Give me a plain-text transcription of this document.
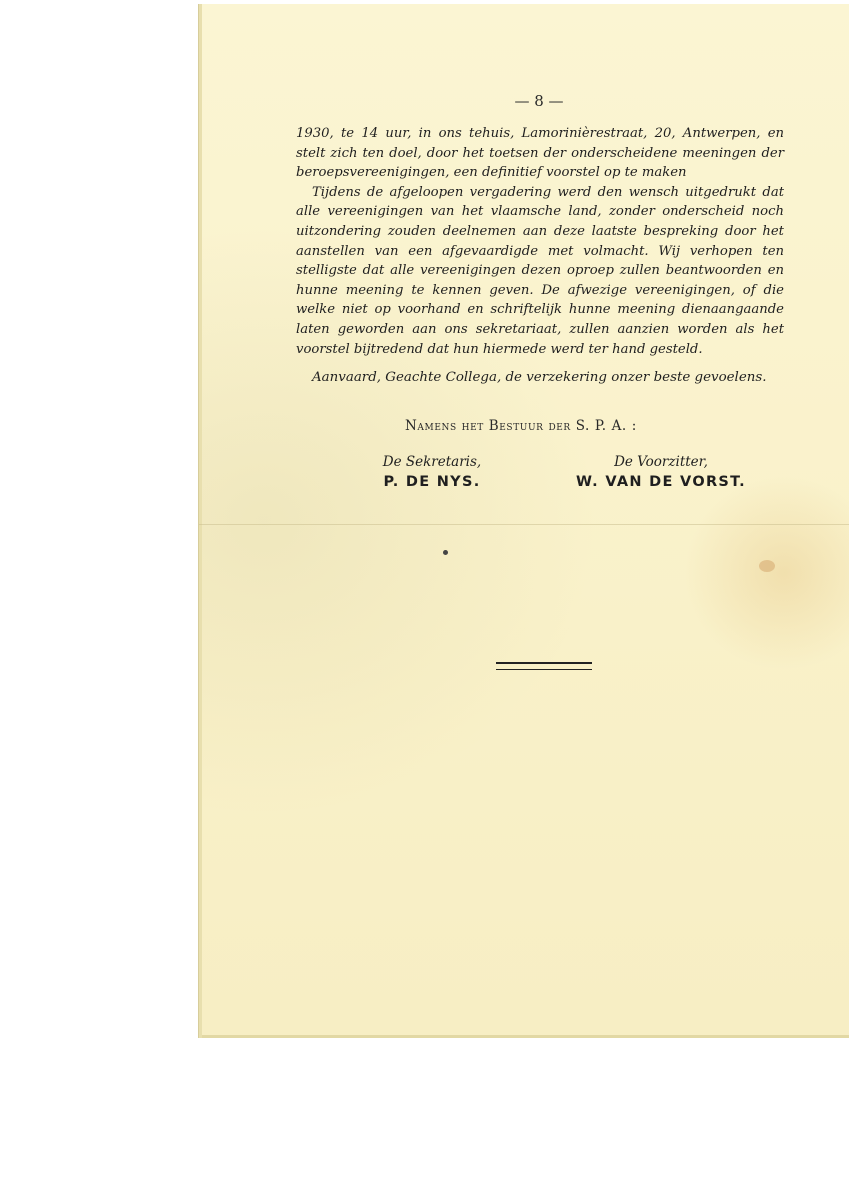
— 8 —

1930, te 14 uur, in ons tehuis, Lamorinièrestraat, 20, Antwerpen, en stelt zich ten doel, door het toetsen der onderscheidene meeningen der beroepsvereenigingen, een definitief voorstel op te maken

Tijdens de afgeloopen vergadering werd den wensch uitgedrukt dat alle vereenigingen van het vlaamsche land, zonder onderscheid noch uitzondering zouden deelnemen aan deze laatste bespreking door het aanstellen van een afgevaardigde met volmacht. Wij verhopen ten stelligste dat alle vereenigingen dezen oproep zullen beantwoorden en hunne meening te kennen geven. De afwezige vereenigingen, of die welke niet op voorhand en schriftelijk hunne meening dienaangaande laten geworden aan ons sekretariaat, zullen aanzien worden als het voorstel bijtredend dat hun hiermede werd ter hand gesteld.

Aanvaard, Geachte Collega, de verzekering onzer beste gevoelens.
Namens het Bestuur der S. P. A. :
De Sekretaris,
P. DE NYS.
De Voorzitter,
W. VAN DE VORST.
